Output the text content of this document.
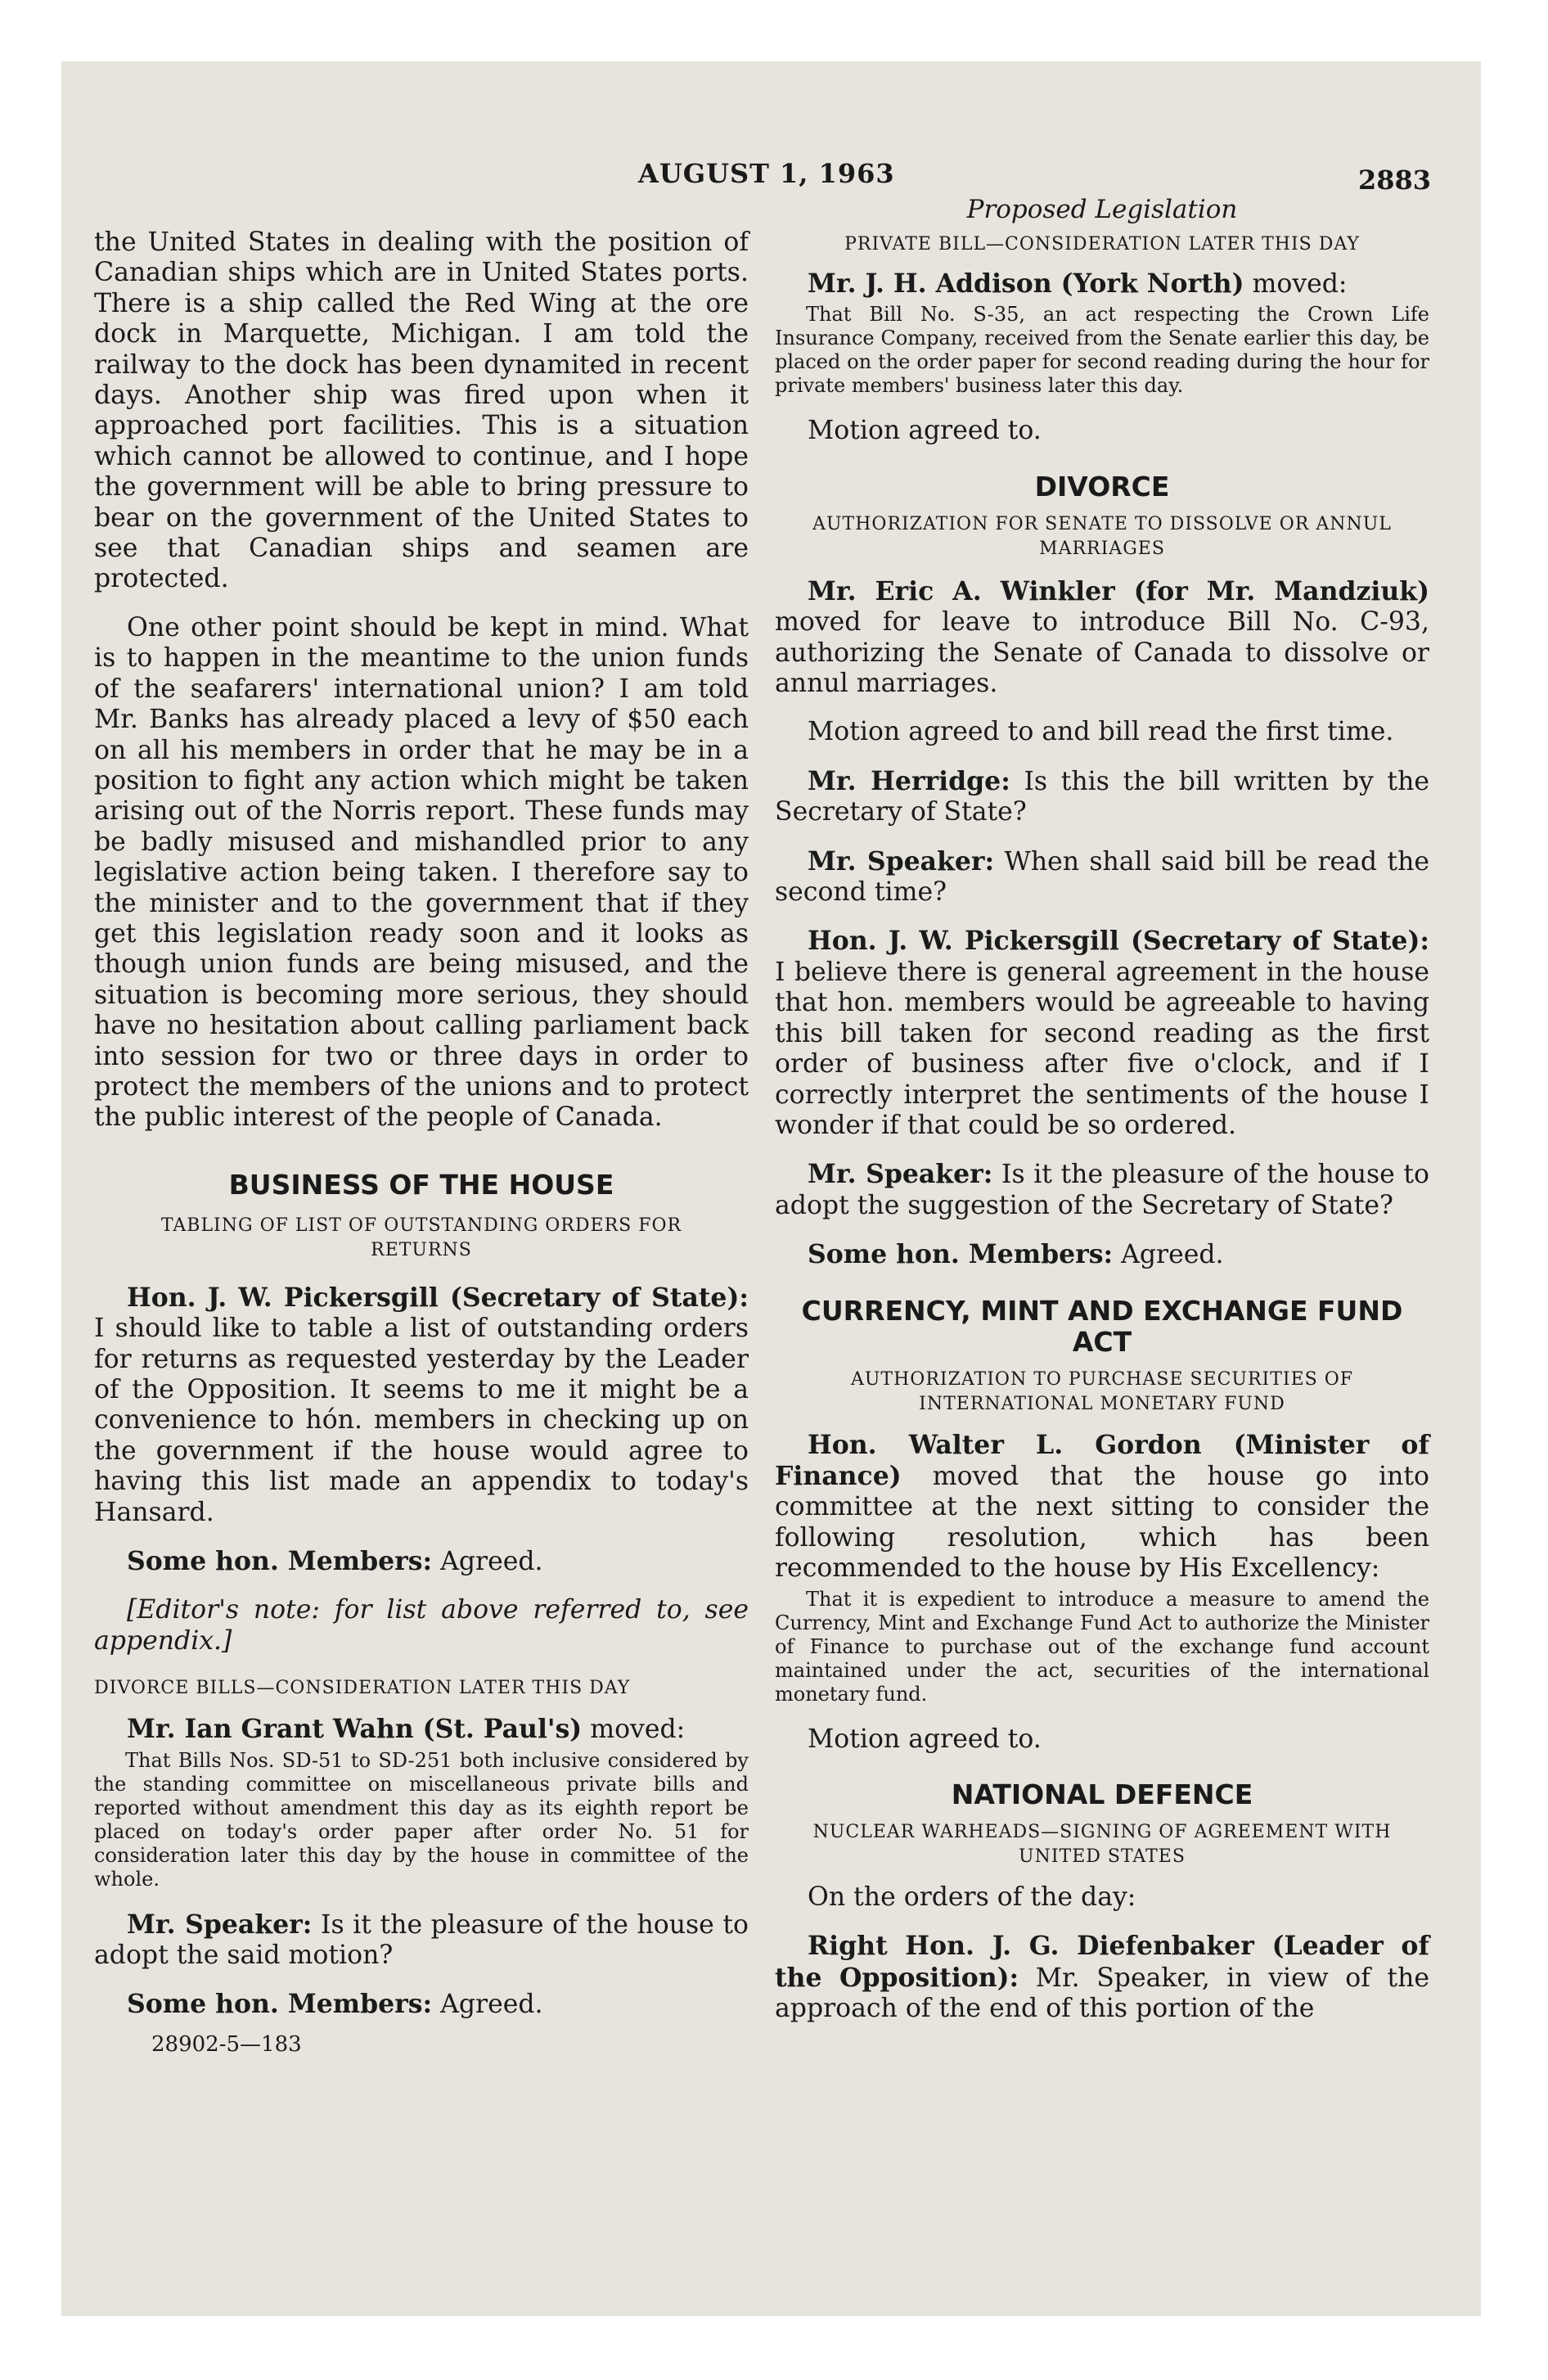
AUGUST 1, 1963	2883

the United States in dealing with the position of Canadian ships which are in United States ports. There is a ship called the Red Wing at the ore dock in Marquette, Michigan. I am told the railway to the dock has been dynamited in recent days. Another ship was fired upon when it approached port facilities. This is a situation which cannot be allowed to continue, and I hope the government will be able to bring pressure to bear on the government of the United States to see that Canadian ships and seamen are protected.

One other point should be kept in mind. What is to happen in the meantime to the union funds of the seafarers' international union? I am told Mr. Banks has already placed a levy of $50 each on all his members in order that he may be in a position to fight any action which might be taken arising out of the Norris report. These funds may be badly misused and mishandled prior to any legislative action being taken. I therefore say to the minister and to the government that if they get this legislation ready soon and it looks as though union funds are being misused, and the situation is becoming more serious, they should have no hesitation about calling parliament back into session for two or three days in order to protect the members of the unions and to protect the public interest of the people of Canada.

BUSINESS OF THE HOUSE
TABLING OF LIST OF OUTSTANDING ORDERS FOR RETURNS

Hon. J. W. Pickersgill (Secretary of State): I should like to table a list of outstanding orders for returns as requested yesterday by the Leader of the Opposition. It seems to me it might be a convenience to hón. members in checking up on the government if the house would agree to having this list made an appendix to today's Hansard.

Some hon. Members: Agreed.

[Editor's note: for list above referred to, see appendix.]

DIVORCE BILLS—CONSIDERATION LATER THIS DAY

Mr. Ian Grant Wahn (St. Paul's) moved:

That Bills Nos. SD-51 to SD-251 both inclusive considered by the standing committee on miscellaneous private bills and reported without amendment this day as its eighth report be placed on today's order paper after order No. 51 for consideration later this day by the house in committee of the whole.

Mr. Speaker: Is it the pleasure of the house to adopt the said motion?

Some hon. Members: Agreed.

28902-5—183
Proposed Legislation
PRIVATE BILL—CONSIDERATION LATER THIS DAY

Mr. J. H. Addison (York North) moved:

That Bill No. S-35, an act respecting the Crown Life Insurance Company, received from the Senate earlier this day, be placed on the order paper for second reading during the hour for private members' business later this day.

Motion agreed to.

DIVORCE
AUTHORIZATION FOR SENATE TO DISSOLVE OR ANNUL MARRIAGES

Mr. Eric A. Winkler (for Mr. Mandziuk) moved for leave to introduce Bill No. C-93, authorizing the Senate of Canada to dissolve or annul marriages.

Motion agreed to and bill read the first time.

Mr. Herridge: Is this the bill written by the Secretary of State?

Mr. Speaker: When shall said bill be read the second time?

Hon. J. W. Pickersgill (Secretary of State): I believe there is general agreement in the house that hon. members would be agreeable to having this bill taken for second reading as the first order of business after five o'clock, and if I correctly interpret the sentiments of the house I wonder if that could be so ordered.

Mr. Speaker: Is it the pleasure of the house to adopt the suggestion of the Secretary of State?

Some hon. Members: Agreed.

CURRENCY, MINT AND EXCHANGE FUND ACT
AUTHORIZATION TO PURCHASE SECURITIES OF INTERNATIONAL MONETARY FUND

Hon. Walter L. Gordon (Minister of Finance) moved that the house go into committee at the next sitting to consider the following resolution, which has been recommended to the house by His Excellency:

That it is expedient to introduce a measure to amend the Currency, Mint and Exchange Fund Act to authorize the Minister of Finance to purchase out of the exchange fund account maintained under the act, securities of the international monetary fund.

Motion agreed to.

NATIONAL DEFENCE
NUCLEAR WARHEADS—SIGNING OF AGREEMENT WITH UNITED STATES

On the orders of the day:

Right Hon. J. G. Diefenbaker (Leader of the Opposition): Mr. Speaker, in view of the approach of the end of this portion of the
